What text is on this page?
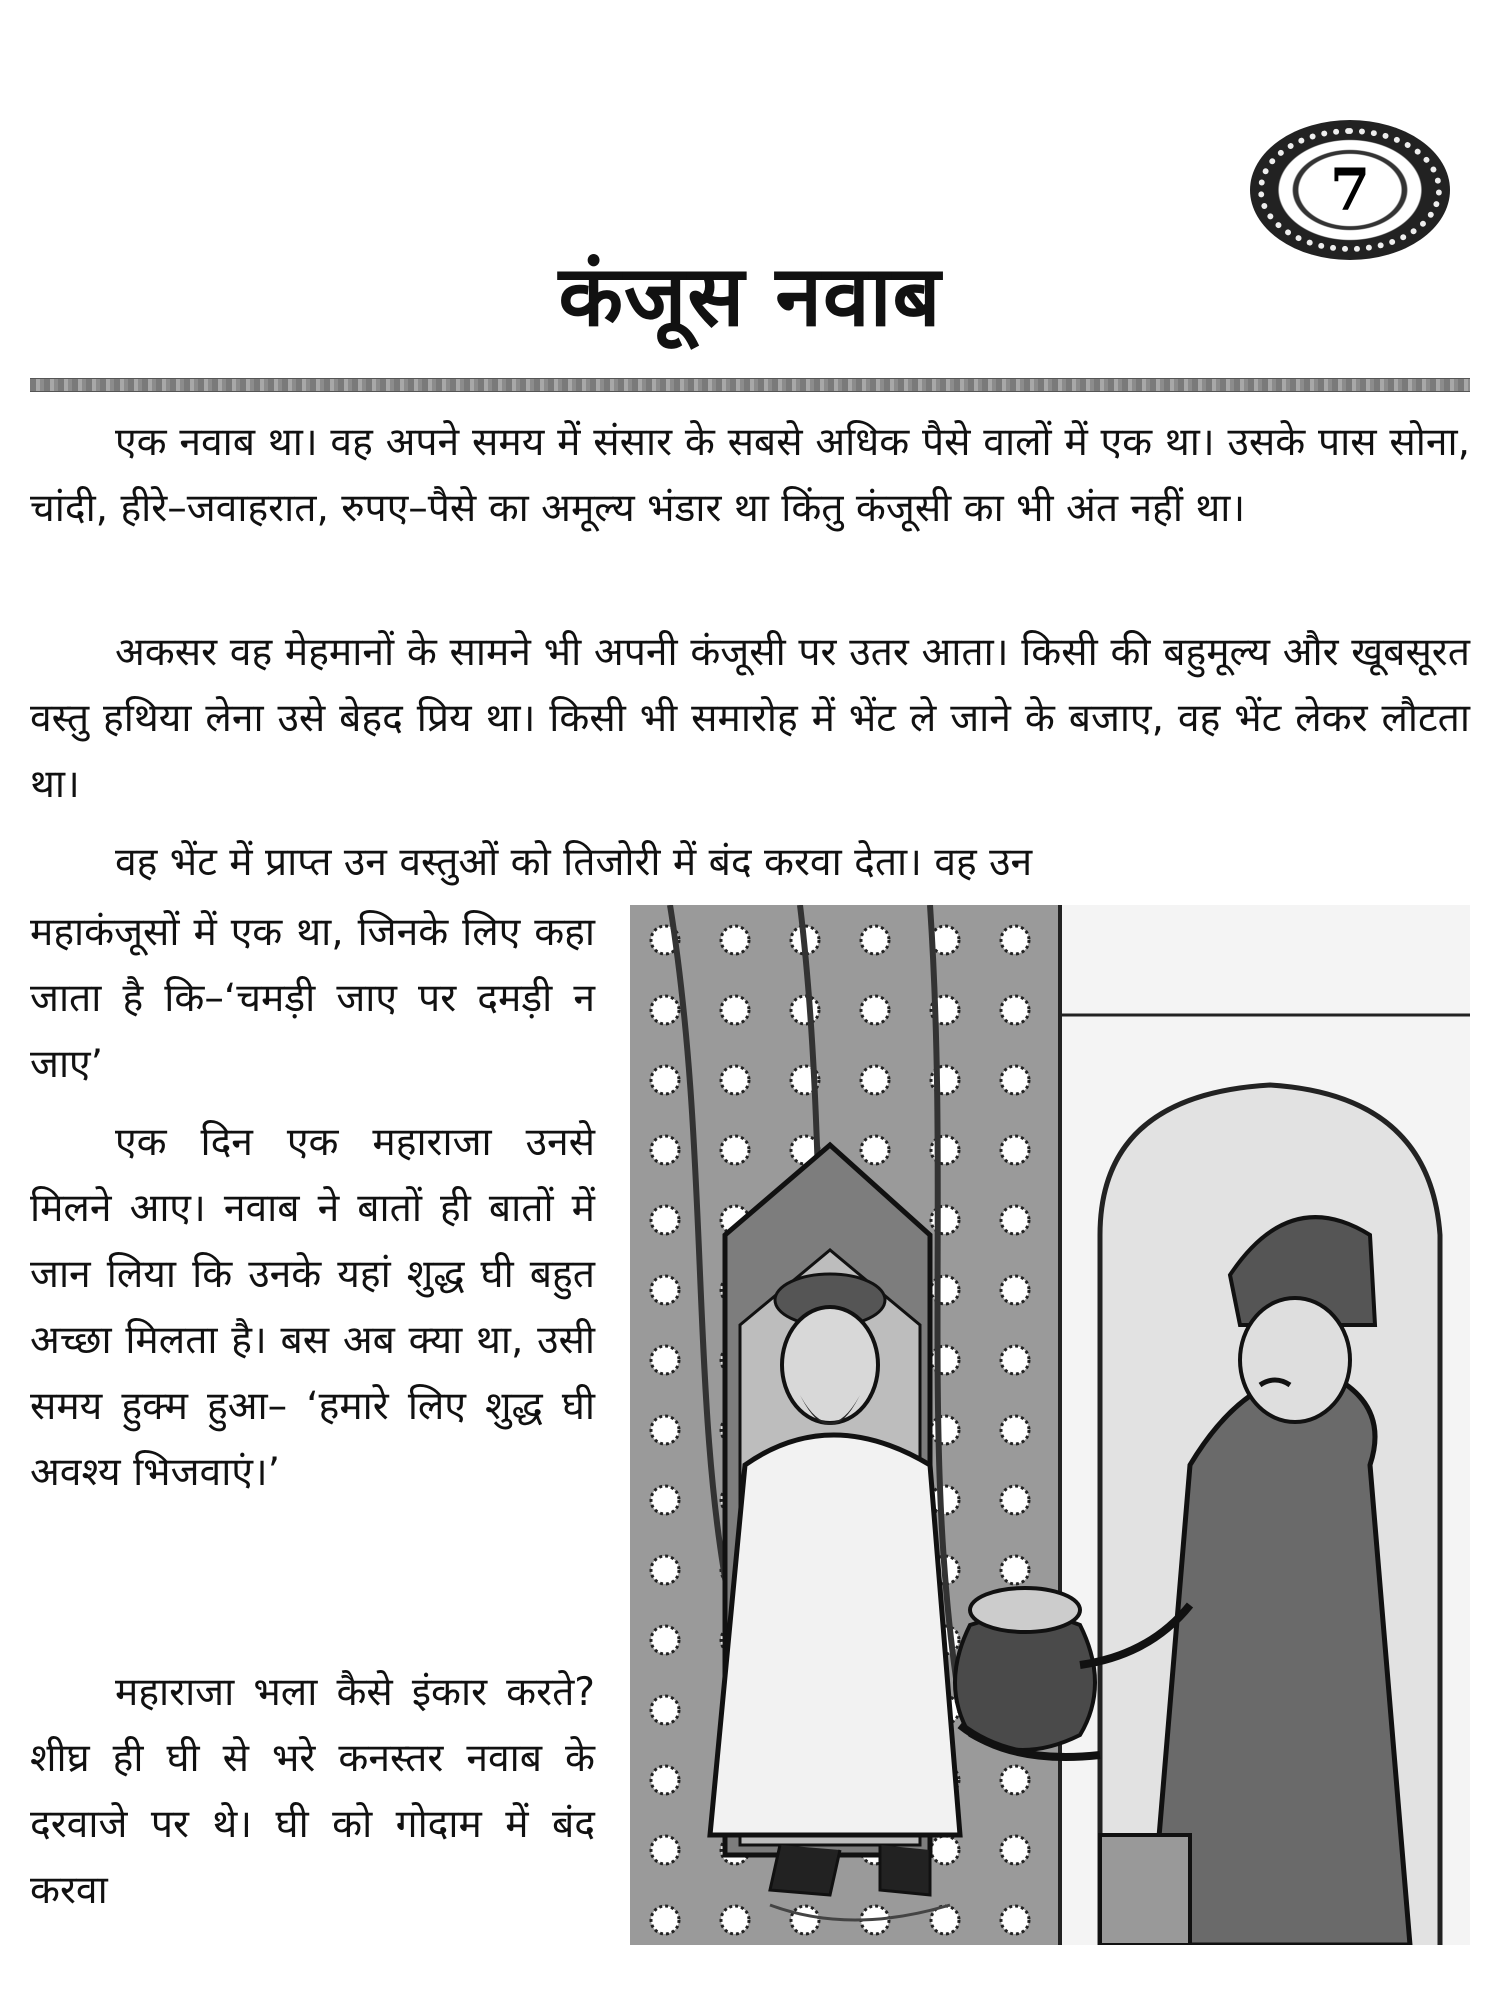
7
कंजूस नवाब

एक नवाब था। वह अपने समय में संसार के सबसे अधिक पैसे वालों में एक था। उसके पास सोना, चांदी, हीरे–जवाहरात, रुपए–पैसे का अमूल्य भंडार था किंतु कंजूसी का भी अंत नहीं था।

अकसर वह मेहमानों के सामने भी अपनी कंजूसी पर उतर आता। किसी की बहुमूल्य और खूबसूरत वस्तु हथिया लेना उसे बेहद प्रिय था। किसी भी समारोह में भेंट ले जाने के बजाए, वह भेंट लेकर लौटता था।

वह भेंट में प्राप्त उन वस्तुओं को तिजोरी में बंद करवा देता। वह उन

महाकंजूसों में एक था, जिनके लिए कहा जाता है कि–‘चमड़ी जाए पर दमड़ी न जाए’

एक दिन एक महाराजा उनसे मिलने आए। नवाब ने बातों ही बातों में जान लिया कि उनके यहां शुद्ध घी बहुत अच्छा मिलता है। बस अब क्या था, उसी समय हुक्म हुआ– ‘हमारे लिए शुद्ध घी अवश्य भिजवाएं।’

महाराजा भला कैसे इंकार करते? शीघ्र ही घी से भरे कनस्तर नवाब के दरवाजे पर थे। घी को गोदाम में बंद करवा
